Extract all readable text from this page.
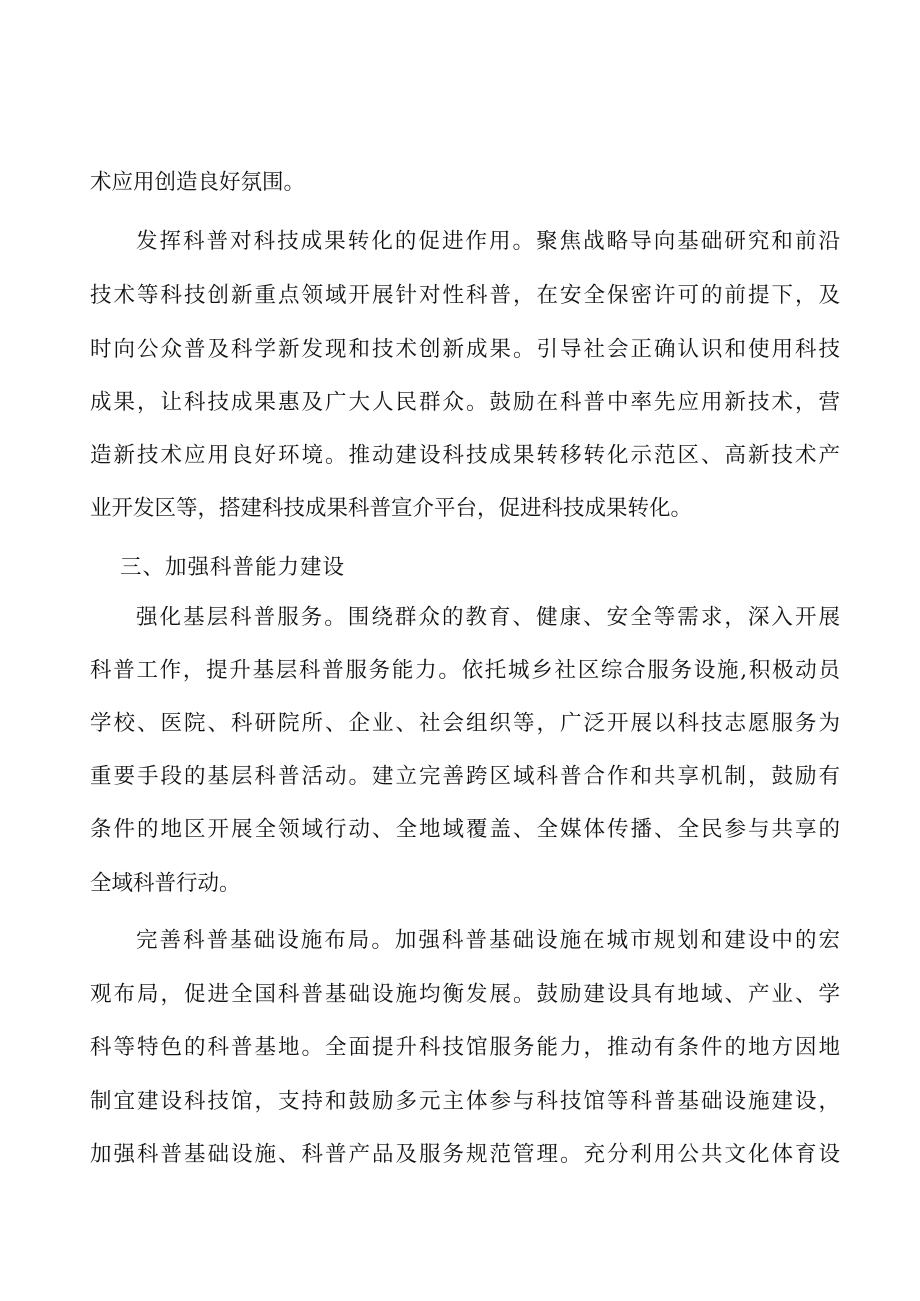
术应用创造良好氛围。
发挥科普对科技成果转化的促进作用。聚焦战略导向基础研究和前沿
技术等科技创新重点领域开展针对性科普，在安全保密许可的前提下，及
时向公众普及科学新发现和技术创新成果。引导社会正确认识和使用科技
成果，让科技成果惠及广大人民群众。鼓励在科普中率先应用新技术，营
造新技术应用良好环境。推动建设科技成果转移转化示范区、高新技术产
业开发区等，搭建科技成果科普宣介平台，促进科技成果转化。
三、加强科普能力建设
强化基层科普服务。围绕群众的教育、健康、安全等需求，深入开展
科普工作，提升基层科普服务能力。依托城乡社区综合服务设施,积极动员
学校、医院、科研院所、企业、社会组织等，广泛开展以科技志愿服务为
重要手段的基层科普活动。建立完善跨区域科普合作和共享机制，鼓励有
条件的地区开展全领域行动、全地域覆盖、全媒体传播、全民参与共享的
全域科普行动。
完善科普基础设施布局。加强科普基础设施在城市规划和建设中的宏
观布局，促进全国科普基础设施均衡发展。鼓励建设具有地域、产业、学
科等特色的科普基地。全面提升科技馆服务能力，推动有条件的地方因地
制宜建设科技馆，支持和鼓励多元主体参与科技馆等科普基础设施建设，
加强科普基础设施、科普产品及服务规范管理。充分利用公共文化体育设
